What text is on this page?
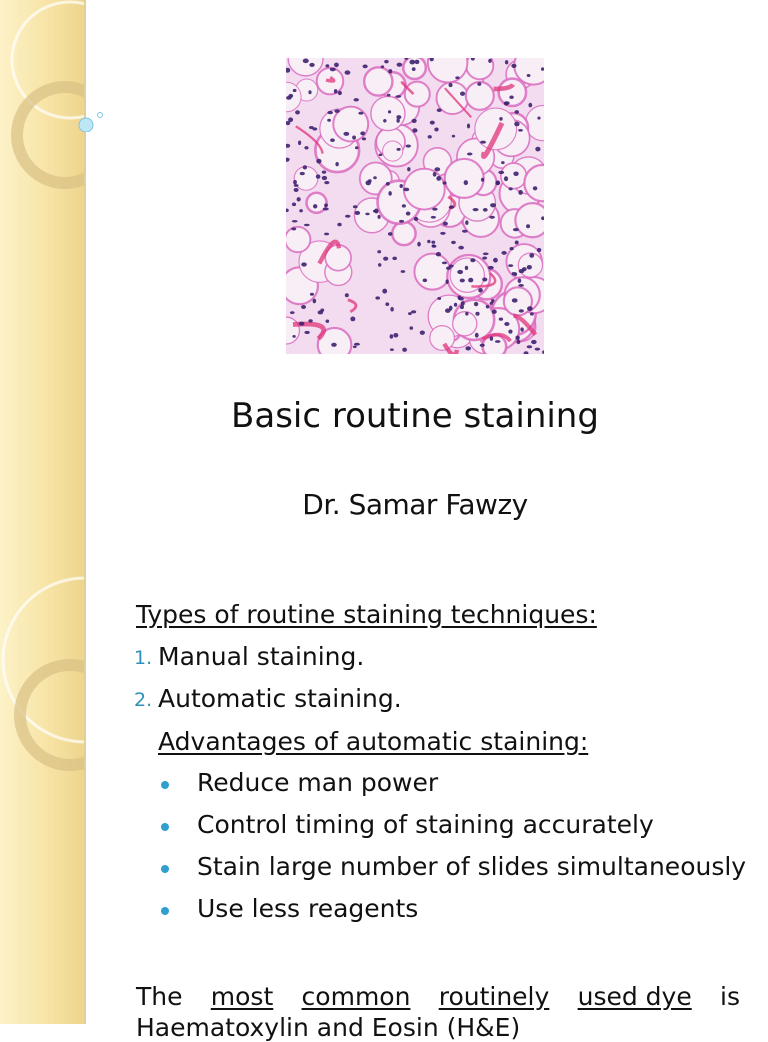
Basic routine staining
Dr. Samar Fawzy
Types of routine staining techniques:
1. Manual staining.
2. Automatic staining.
Advantages of automatic staining:
Reduce man power
Control timing of staining accurately
Stain large number of slides simultaneously
Use less reagents
The most common routinely used dye is
Haematoxylin and Eosin (H&E)
